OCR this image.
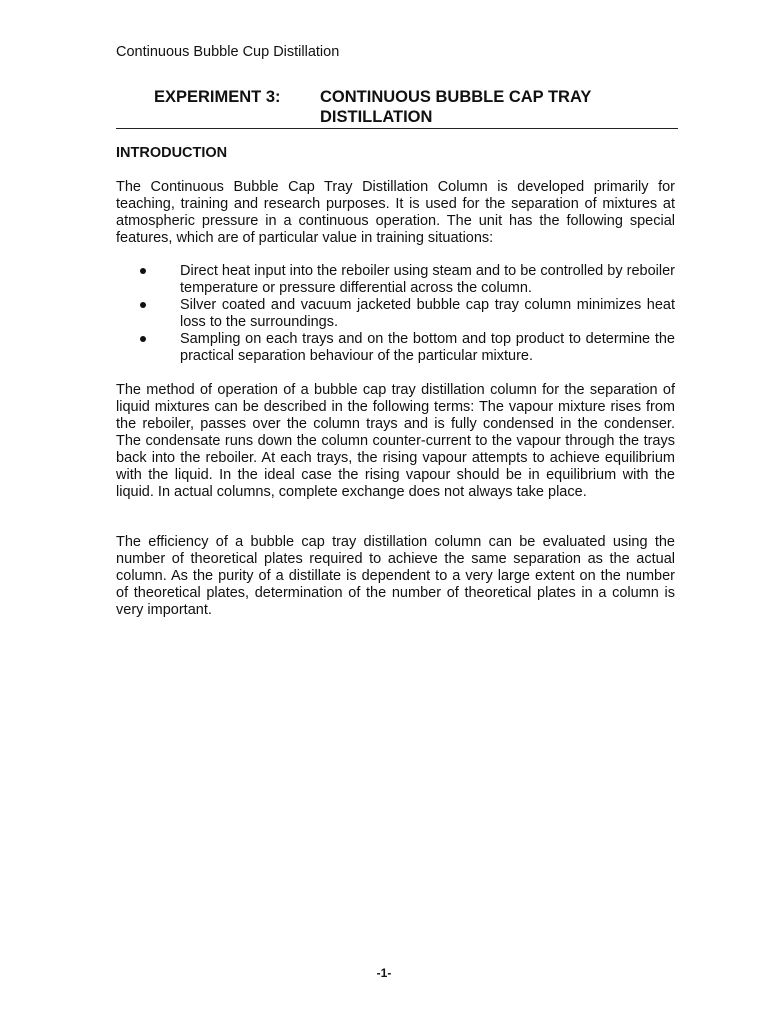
Continuous Bubble Cup Distillation
EXPERIMENT 3: CONTINUOUS BUBBLE CAP TRAY DISTILLATION
INTRODUCTION

The Continuous Bubble Cap Tray Distillation Column is developed primarily for teaching, training and research purposes. It is used for the separation of mixtures at atmospheric pressure in a continuous operation. The unit has the following special features, which are of particular value in training situations:

Direct heat input into the reboiler using steam and to be controlled by reboiler temperature or pressure differential across the column.
Silver coated and vacuum jacketed bubble cap tray column minimizes heat loss to the surroundings.
Sampling on each trays and on the bottom and top product to determine the practical separation behaviour of the particular mixture.

The method of operation of a bubble cap tray distillation column for the separation of liquid mixtures can be described in the following terms: The vapour mixture rises from the reboiler, passes over the column trays and is fully condensed in the condenser. The condensate runs down the column counter-current to the vapour through the trays back into the reboiler. At each trays, the rising vapour attempts to achieve equilibrium with the liquid. In the ideal case the rising vapour should be in equilibrium with the liquid. In actual columns, complete exchange does not always take place.

The efficiency of a bubble cap tray distillation column can be evaluated using the number of theoretical plates required to achieve the same separation as the actual column. As the purity of a distillate is dependent to a very large extent on the number of theoretical plates, determination of the number of theoretical plates in a column is very important.

-1-
